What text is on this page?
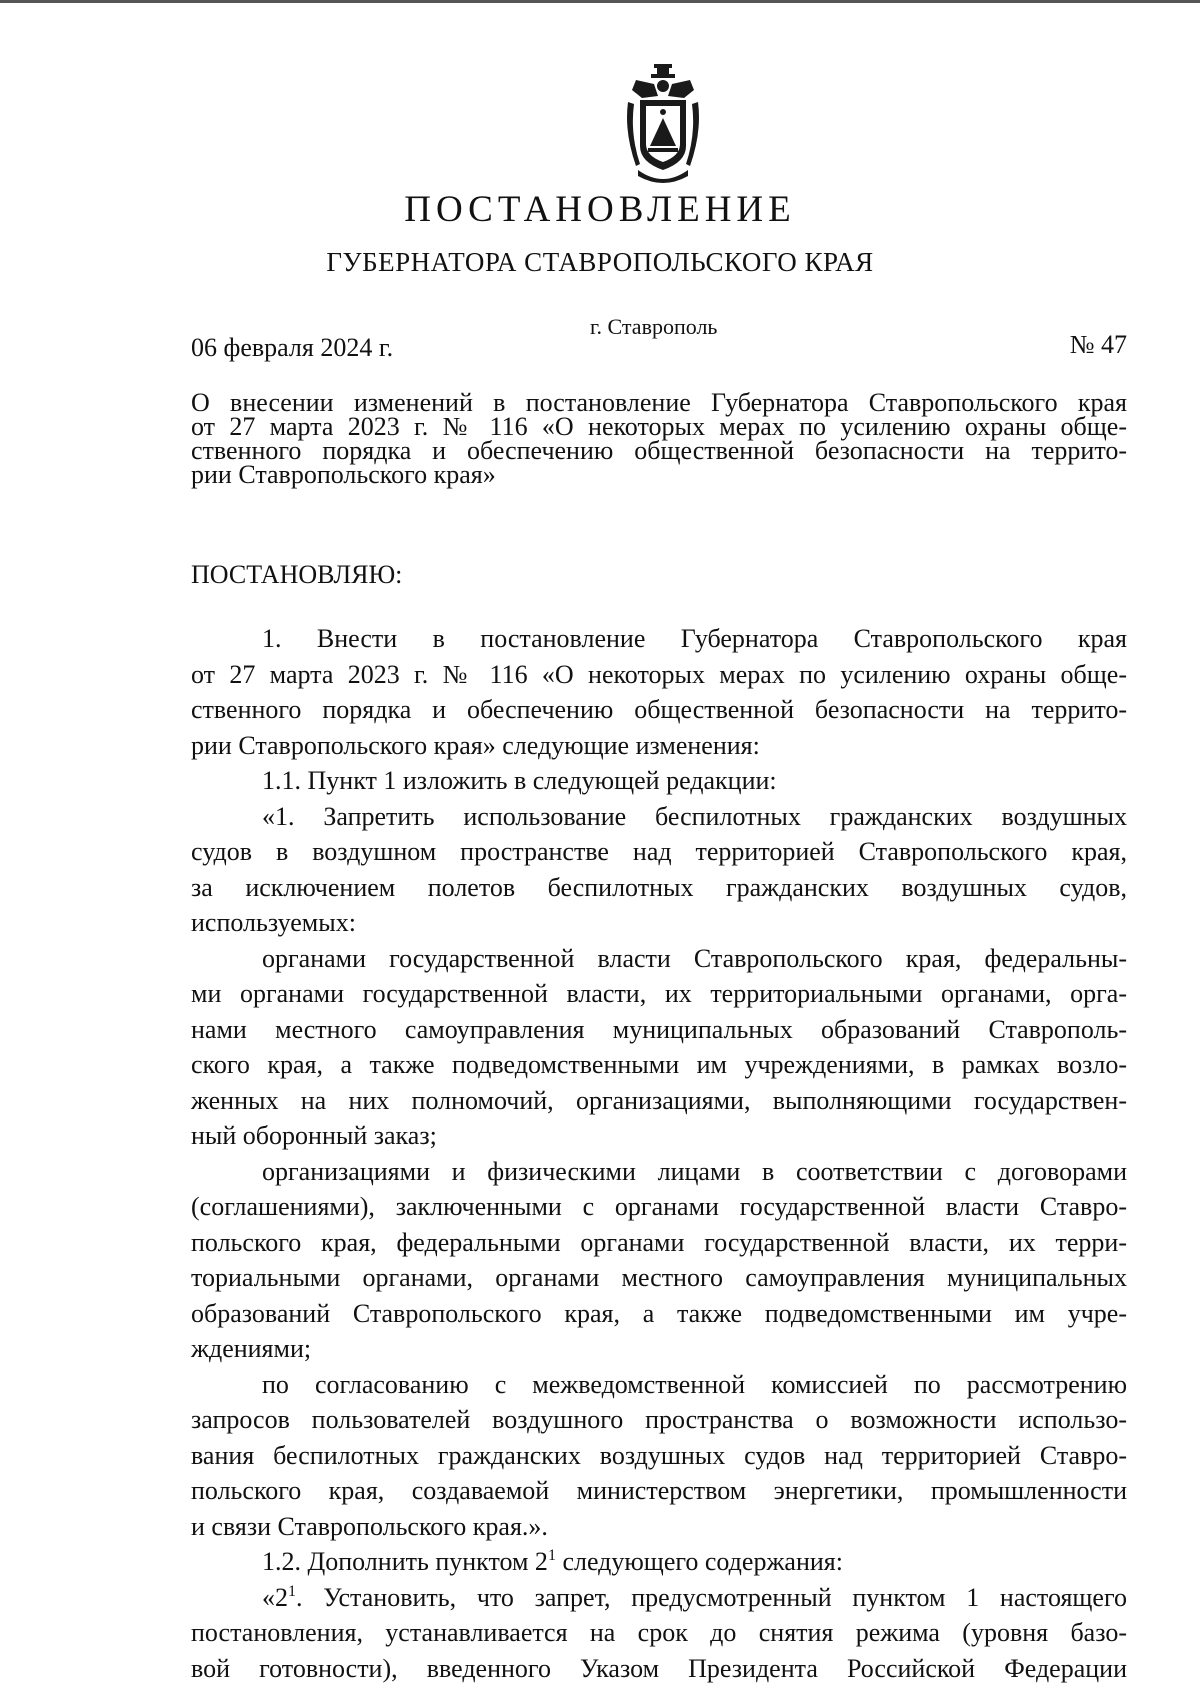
ПОСТАНОВЛЕНИЕ
ГУБЕРНАТОРА СТАВРОПОЛЬСКОГО КРАЯ
г. Ставрополь
06 февраля 2024 г.	№ 47
О внесении изменений в постановление Губернатора Ставропольского края
от 27 марта 2023 г. № 116 «О некоторых мерах по усилению охраны обще-
ственного порядка и обеспечению общественной безопасности на террито-
рии Ставропольского края»
ПОСТАНОВЛЯЮ:
1. Внести в постановление Губернатора Ставропольского края
от 27 марта 2023 г. № 116 «О некоторых мерах по усилению охраны обще-
ственного порядка и обеспечению общественной безопасности на террито-
рии Ставропольского края» следующие изменения:
1.1. Пункт 1 изложить в следующей редакции:
«1. Запретить использование беспилотных гражданских воздушных
судов в воздушном пространстве над территорией Ставропольского края,
за исключением полетов беспилотных гражданских воздушных судов,
используемых:
органами государственной власти Ставропольского края, федеральны-
ми органами государственной власти, их территориальными органами, орга-
нами местного самоуправления муниципальных образований Ставрополь-
ского края, а также подведомственными им учреждениями, в рамках возло-
женных на них полномочий, организациями, выполняющими государствен-
ный оборонный заказ;
организациями и физическими лицами в соответствии с договорами
(соглашениями), заключенными с органами государственной власти Ставро-
польского края, федеральными органами государственной власти, их терри-
ториальными органами, органами местного самоуправления муниципальных
образований Ставропольского края, а также подведомственными им учре-
ждениями;
по согласованию с межведомственной комиссией по рассмотрению
запросов пользователей воздушного пространства о возможности использо-
вания беспилотных гражданских воздушных судов над территорией Ставро-
польского края, создаваемой министерством энергетики, промышленности
и связи Ставропольского края.».
1.2. Дополнить пунктом $2^1$ следующего содержания:
«$2^1$. Установить, что запрет, предусмотренный пунктом 1 настоящего
постановления, устанавливается на срок до снятия режима (уровня базо-
вой готовности), введенного Указом Президента Российской Федерации
